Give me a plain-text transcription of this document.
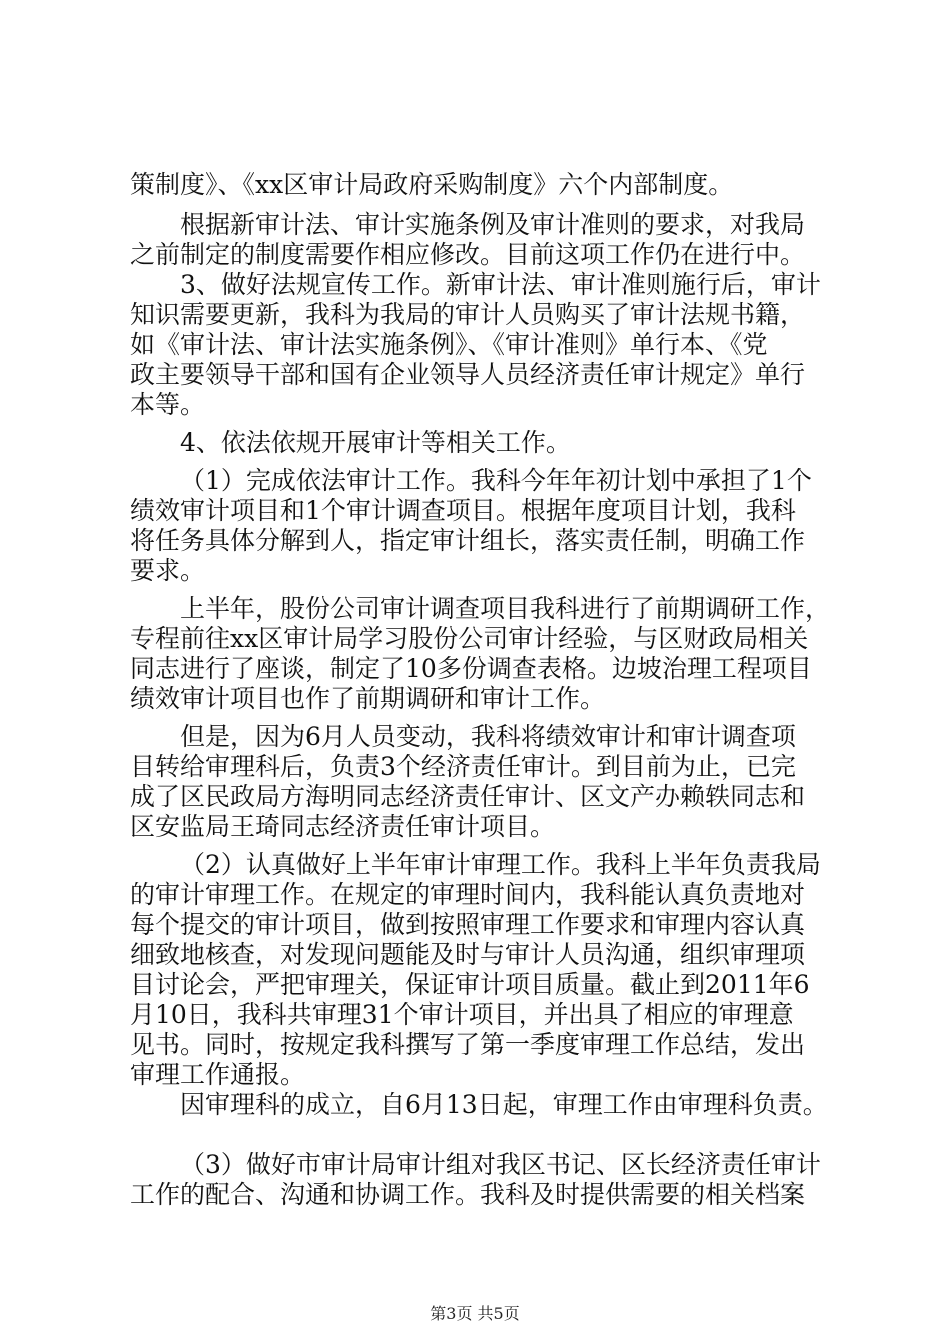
策制度》、《xx区审计局政府采购制度》六个内部制度。
根据新审计法、审计实施条例及审计准则的要求，对我局
之前制定的制度需要作相应修改。目前这项工作仍在进行中。
3、做好法规宣传工作。新审计法、审计准则施行后，审计
知识需要更新，我科为我局的审计人员购买了审计法规书籍，
如《审计法、审计法实施条例》、《审计准则》单行本、《党
政主要领导干部和国有企业领导人员经济责任审计规定》单行
本等。
4、依法依规开展审计等相关工作。
（1）完成依法审计工作。我科今年年初计划中承担了1个
绩效审计项目和1个审计调查项目。根据年度项目计划，我科
将任务具体分解到人，指定审计组长，落实责任制，明确工作
要求。
上半年，股份公司审计调查项目我科进行了前期调研工作，
专程前往xx区审计局学习股份公司审计经验，与区财政局相关
同志进行了座谈，制定了10多份调查表格。边坡治理工程项目
绩效审计项目也作了前期调研和审计工作。
但是，因为6月人员变动，我科将绩效审计和审计调查项
目转给审理科后，负责3个经济责任审计。到目前为止，已完
成了区民政局方海明同志经济责任审计、区文产办赖轶同志和
区安监局王琦同志经济责任审计项目。
（2）认真做好上半年审计审理工作。我科上半年负责我局
的审计审理工作。在规定的审理时间内，我科能认真负责地对
每个提交的审计项目，做到按照审理工作要求和审理内容认真
细致地核查，对发现问题能及时与审计人员沟通，组织审理项
目讨论会，严把审理关，保证审计项目质量。截止到2011年6
月10日，我科共审理31个审计项目，并出具了相应的审理意
见书。同时，按规定我科撰写了第一季度审理工作总结，发出
审理工作通报。
因审理科的成立，自6月13日起，审理工作由审理科负责。
（3）做好市审计局审计组对我区书记、区长经济责任审计
工作的配合、沟通和协调工作。我科及时提供需要的相关档案
第3页 共5页
